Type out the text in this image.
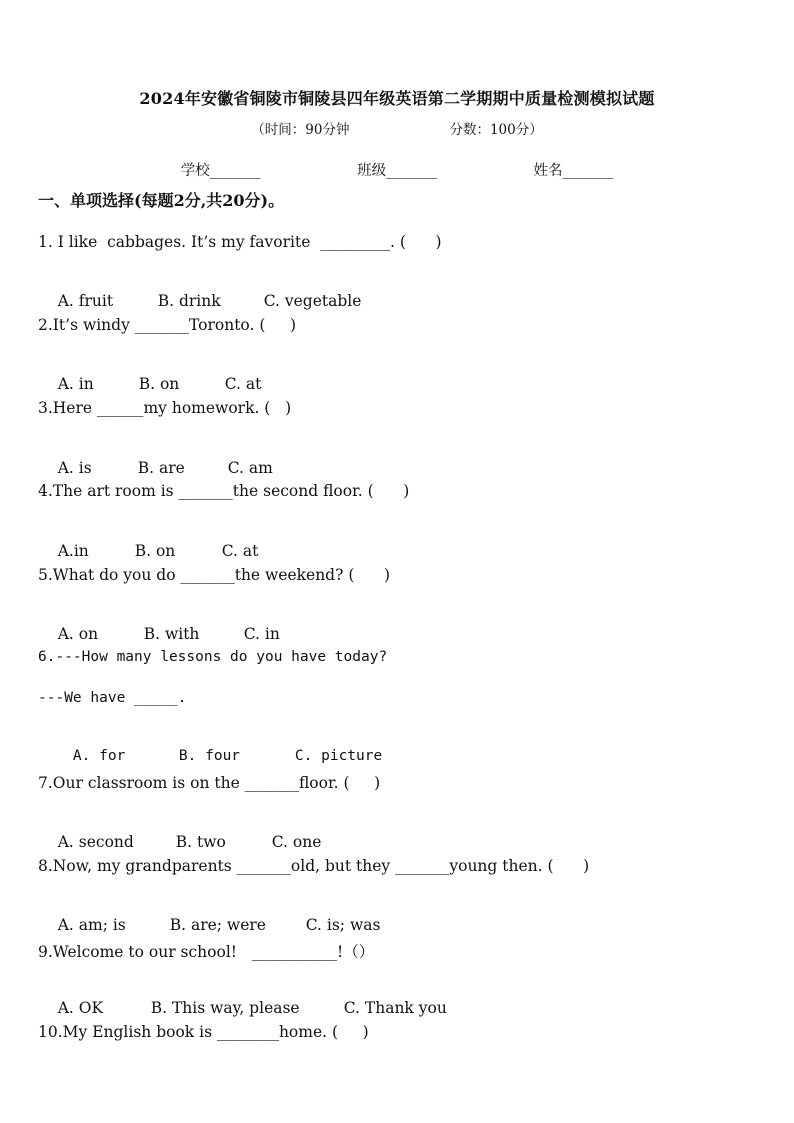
2024年安徽省铜陵市铜陵县四年级英语第二学期期中质量检测模拟试题
（时间：90分钟	分数：100分）
学校_______	班级_______	姓名_______
一、单项选择(每题2分,共20分)。
1. I like  cabbages. It’s my favorite  _________. (      )

A. fruit	B. drink	C. vegetable

2.It’s windy _______Toronto. (     )

A. in	B. on	C. at

3.Here ______my homework. (   )

A. is	B. are	C. am

4.The art room is _______the second floor. (      )

A.in	B. on	C. at

5.What do you do _______the weekend? (      )

A. on	B. with	C. in

6.---How many lessons do you have today?
---We have _____.

A. for	B. four	C. picture

7.Our classroom is on the _______floor. (     )

A. second	B. two	C. one

8.Now, my grandparents _______old, but they _______young then. (      )

A. am; is	B. are; were	C. is; was

9.Welcome to our school!   ___________!（）

A. OK	B. This way, please	C. Thank you

10.My English book is ________home. (     )
